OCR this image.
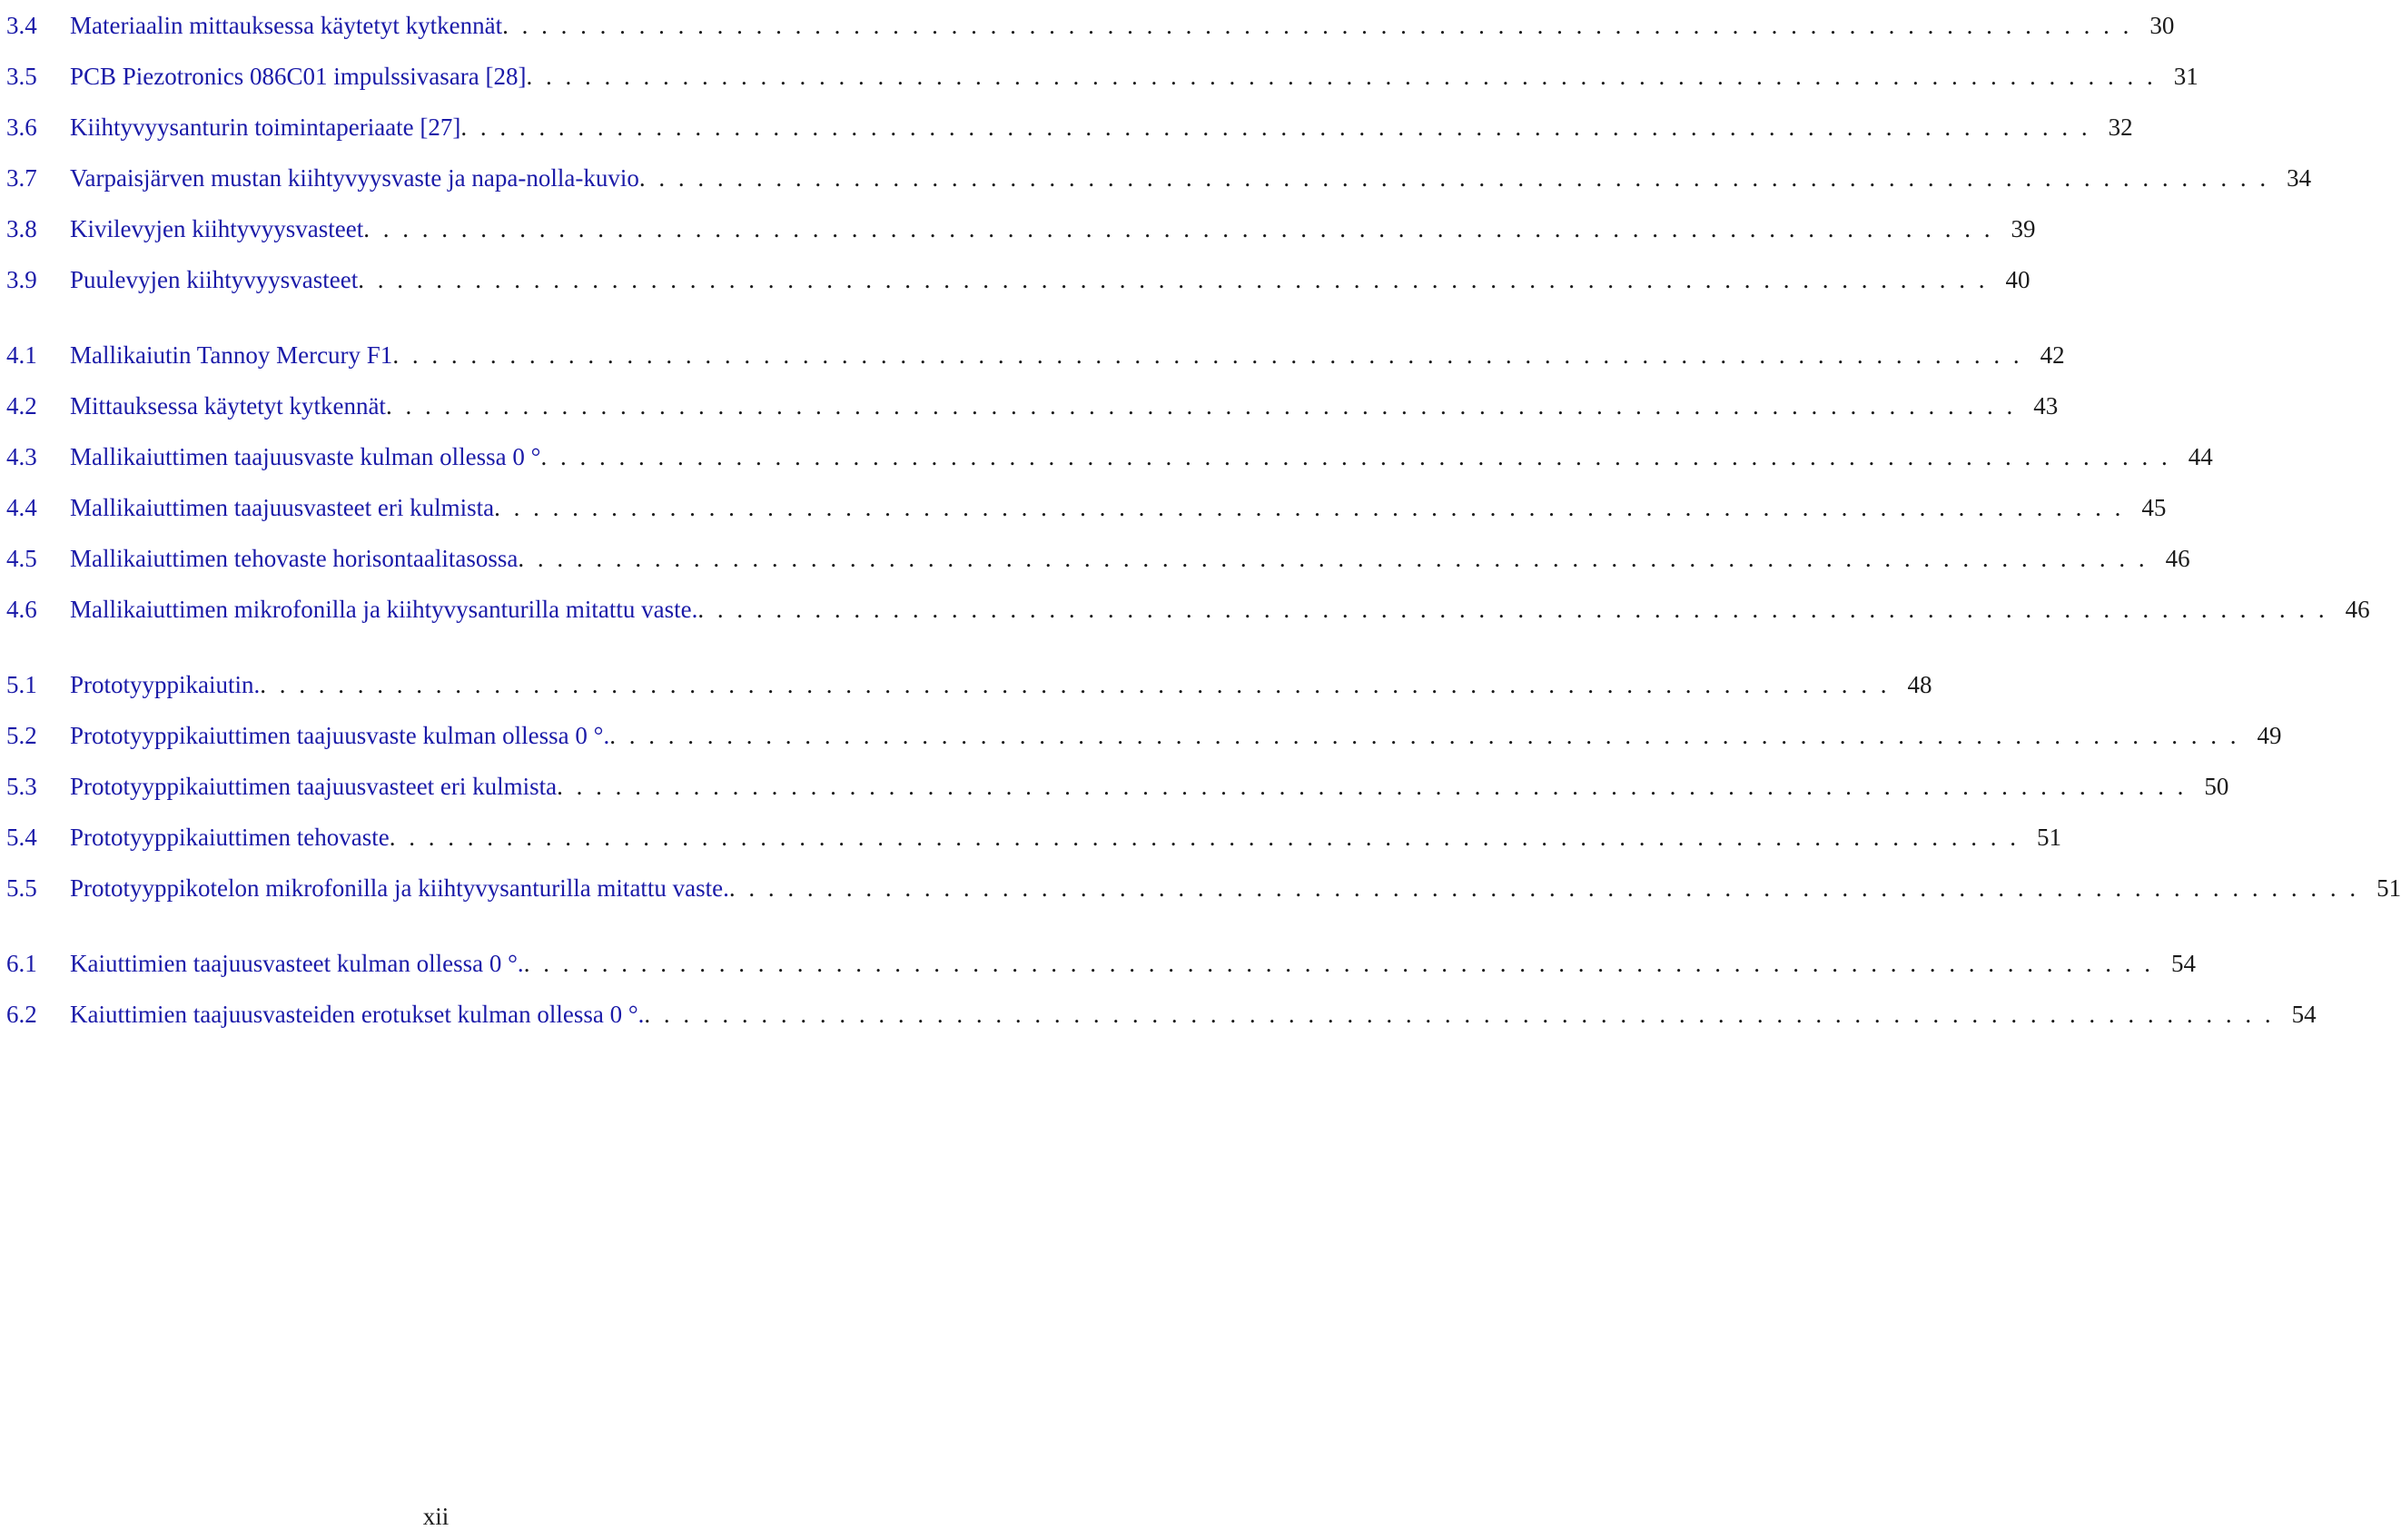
3.4	Materiaalin mittauksessa käytetyt kytkennät . . .	30
3.5	PCB Piezotronics 086C01 impulssivasara [28] . . .	31
3.6	Kiihtyvyysanturin toimintaperiaate [27] . . .	32
3.7	Varpaisjärven mustan kiihtyvyysvaste ja napa-nolla-kuvio . . .	34
3.8	Kivilevyjen kiihtyvyysvasteet . . .	39
3.9	Puulevyjen kiihtyvyysvasteet . . .	40
4.1	Mallikaiutin Tannoy Mercury F1 . . .	42
4.2	Mittauksessa käytetyt kytkennät . . .	43
4.3	Mallikaiuttimen taajuusvaste kulman ollessa 0 ° . . .	44
4.4	Mallikaiuttimen taajuusvasteet eri kulmista . . .	45
4.5	Mallikaiuttimen tehovaste horisontaalitasossa . . .	46
4.6	Mallikaiuttimen mikrofonilla ja kiihtyvysanturilla mitattu vaste. . . .	46
5.1	Prototyyppikaiutin. . . .	48
5.2	Prototyyppikaiuttimen taajuusvaste kulman ollessa 0 °. . . .	49
5.3	Prototyyppikaiuttimen taajuusvasteet eri kulmista . . .	50
5.4	Prototyyppikaiuttimen tehovaste . . .	51
5.5	Prototyyppikotelon mikrofonilla ja kiihtyvysanturilla mitattu vaste. . . .	51
6.1	Kaiuttimien taajuusvasteet kulman ollessa 0 °. . . .	54
6.2	Kaiuttimien taajuusvasteiden erotukset kulman ollessa 0 °. . . .	54
xii
